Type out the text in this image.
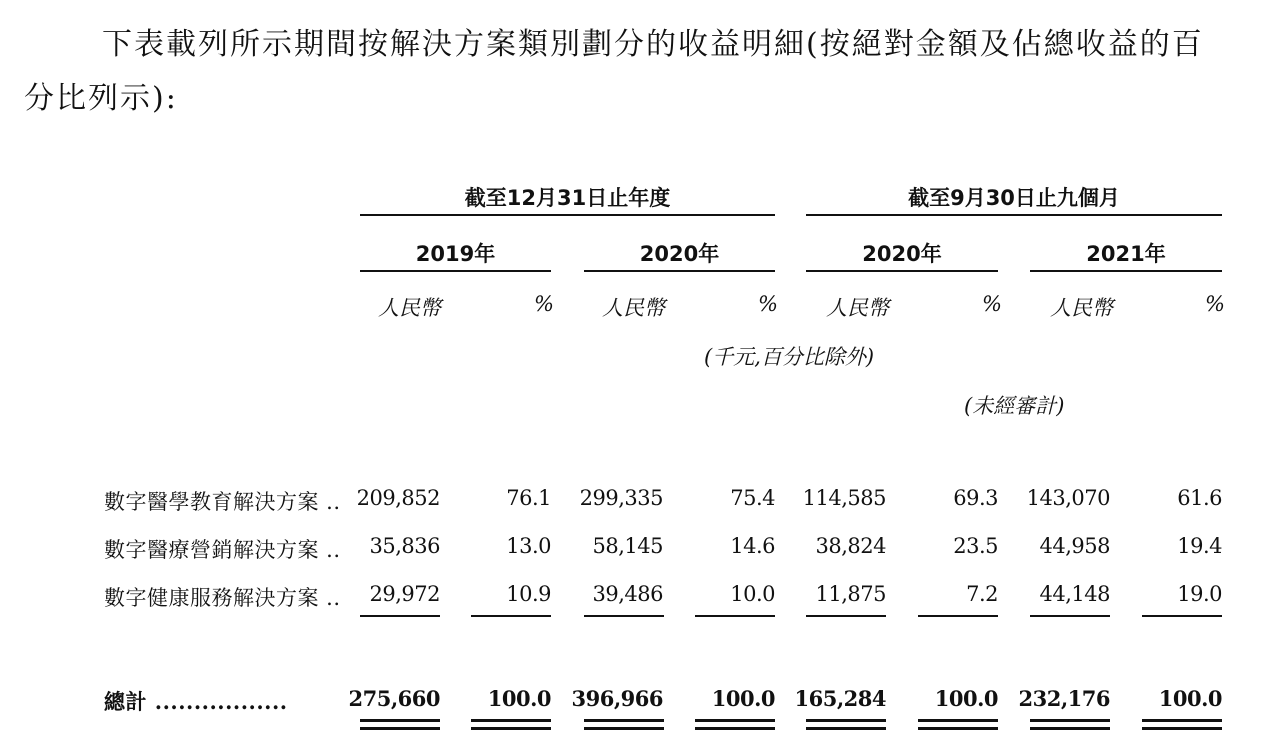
下表載列所示期間按解決方案類別劃分的收益明細(按絕對金額及佔總收益的百分比列示):

截至12月31日止年度	截至9月30日止九個月
2019年	2020年	2020年	2021年
人民幣	% 人民幣	% 人民幣	% 人民幣	%
(千元,百分比除外)
(未經審計)
數字醫學教育解決方案 .. 209,852	76.1 299,335	75.4 114,585	69.3 143,070	61.6
數字醫療營銷解決方案 .. 35,836	13.0 58,145	14.6 38,824	23.5 44,958	19.4
數字健康服務解決方案 .. 29,972	10.9 39,486	10.0 11,875	7.2 44,148	19.0
總計 .................	275,660 100.0 396,966 100.0 165,284 100.0 232,176 100.0
